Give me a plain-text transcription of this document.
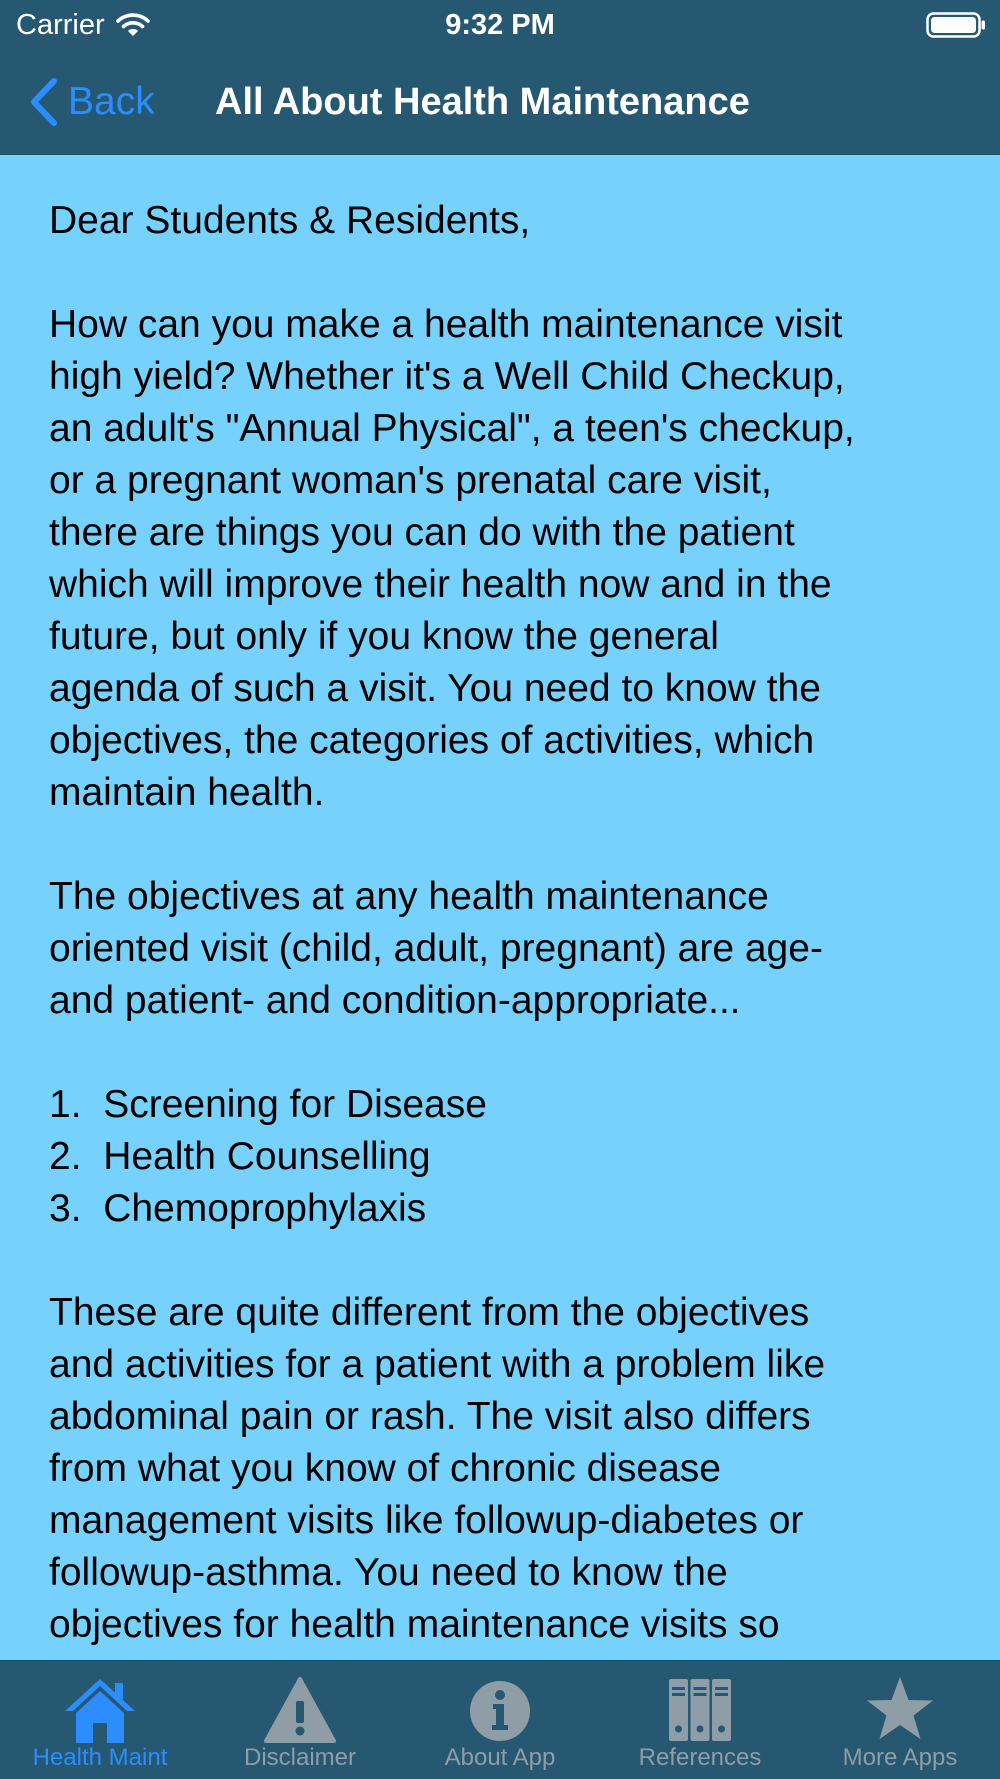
Carrier	9:32 PM
Back All About Health Maintenance

Dear Students & Residents,

How can you make a health maintenance visit
high yield? Whether it's a Well Child Checkup,
an adult's "Annual Physical", a teen's checkup,
or a pregnant woman's prenatal care visit,
there are things you can do with the patient
which will improve their health now and in the
future, but only if you know the general
agenda of such a visit. You need to know the
objectives, the categories of activities, which
maintain health.

The objectives at any health maintenance
oriented visit (child, adult, pregnant) are age-
and patient- and condition-appropriate...

1.  Screening for Disease
2.  Health Counselling
3.  Chemoprophylaxis

These are quite different from the objectives
and activities for a patient with a problem like
abdominal pain or rash. The visit also differs
from what you know of chronic disease
management visits like followup-diabetes or
followup-asthma. You need to know the
objectives for health maintenance visits so

Health Maint	Disclaimer	About App	References	More Apps
